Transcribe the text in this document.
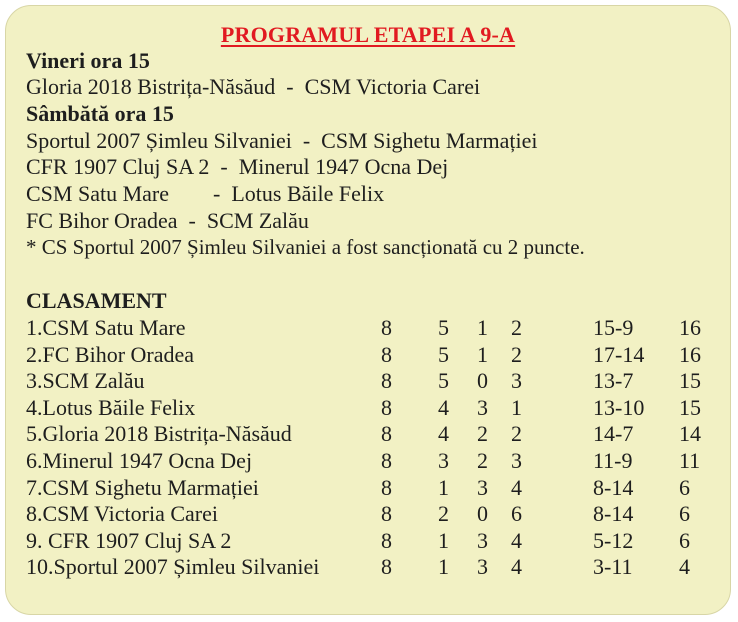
PROGRAMUL ETAPEI A 9-A
Vineri ora 15
Gloria 2018 Bistrița-Năsăud  -  CSM Victoria Carei
Sâmbătă ora 15
Sportul 2007 Șimleu Silvaniei  -  CSM Sighetu Marmației
CFR 1907 Cluj SA 2  -  Minerul 1947 Ocna Dej
CSM Satu Mare        -  Lotus Băile Felix
FC Bihor Oradea  -  SCM Zalău
* CS Sportul 2007 Șimleu Silvaniei a fost sancționată cu 2 puncte.
CLASAMENT
1.CSM Satu Mare	8 5 1 2	15-9 16
2.FC Bihor Oradea	8 5 1 2	17-14 16
3.SCM Zalău	8 5 0 3	13-7 15
4.Lotus Băile Felix	8 4 3 1	13-10 15
5.Gloria 2018 Bistrița-Năsăud	8 4 2 2	14-7 14
6.Minerul 1947 Ocna Dej	8 3 2 3	11-9 11
7.CSM Sighetu Marmației	8 1 3 4	8-14 6
8.CSM Victoria Carei	8 2 0 6	8-14 6
9. CFR 1907 Cluj SA 2	8 1 3 4	5-12 6
10.Sportul 2007 Șimleu Silvaniei	8 1 3 4	3-11 4
